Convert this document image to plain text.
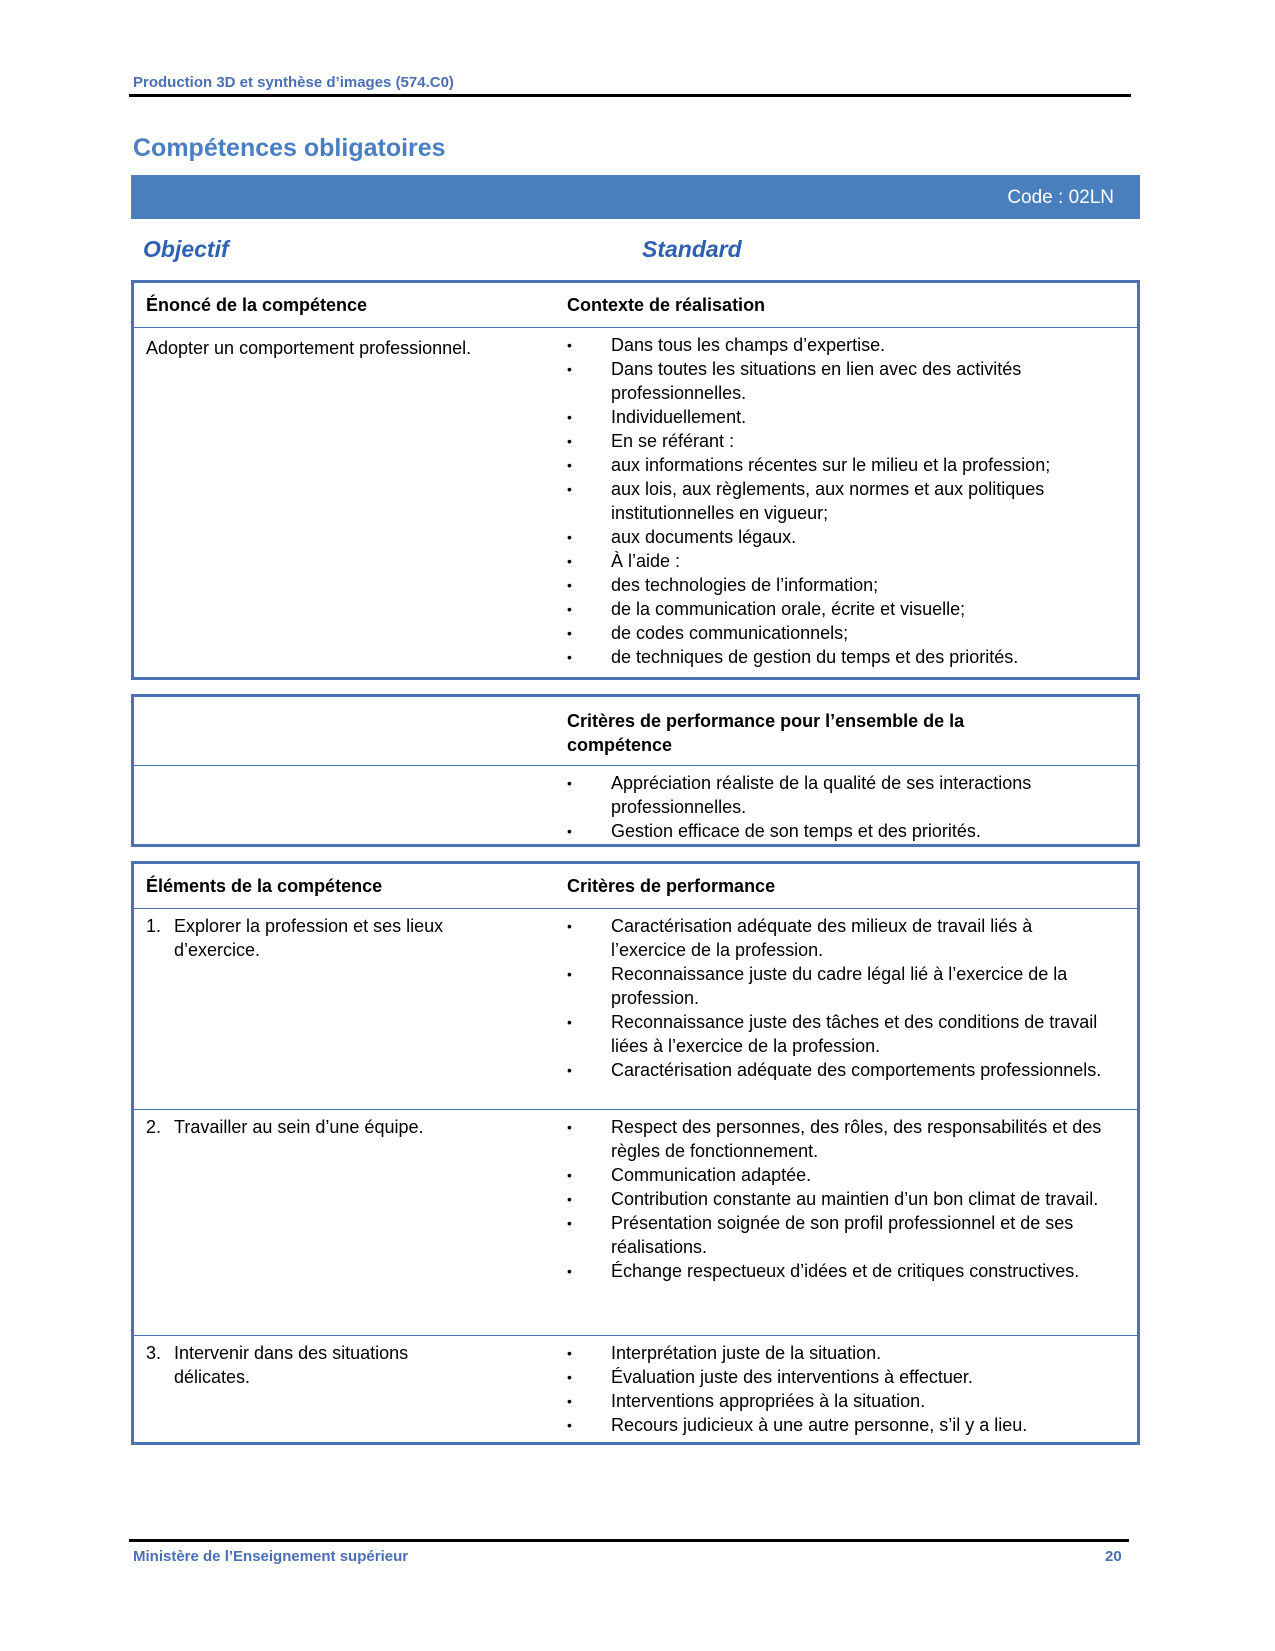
Production 3D et synthèse d’images (574.C0)
Compétences obligatoires
Code : 02LN
Objectif	Standard
Énoncé de la compétence	Contexte de réalisation
Adopter un comportement professionnel.	• Dans tous les champs d’expertise.
• Dans toutes les situations en lien avec des activités professionnelles.
• Individuellement.
• En se référant :
• aux informations récentes sur le milieu et la profession;
• aux lois, aux règlements, aux normes et aux politiques institutionnelles en vigueur;
• aux documents légaux.
• À l’aide :
• des technologies de l’information;
• de la communication orale, écrite et visuelle;
• de codes communicationnels;
• de techniques de gestion du temps et des priorités.
Critères de performance pour l’ensemble de la compétence
• Appréciation réaliste de la qualité de ses interactions professionnelles.
• Gestion efficace de son temps et des priorités.
Éléments de la compétence	Critères de performance
1. Explorer la profession et ses lieux d’exercice.
• Caractérisation adéquate des milieux de travail liés à l’exercice de la profession.
• Reconnaissance juste du cadre légal lié à l’exercice de la profession.
• Reconnaissance juste des tâches et des conditions de travail liées à l’exercice de la profession.
• Caractérisation adéquate des comportements professionnels.
2. Travailler au sein d’une équipe.	• Respect des personnes, des rôles, des responsabilités et des règles de fonctionnement.
• Communication adaptée.
• Contribution constante au maintien d’un bon climat de travail.
• Présentation soignée de son profil professionnel et de ses réalisations.
• Échange respectueux d’idées et de critiques constructives.
3. Intervenir dans des situations délicates.
• Interprétation juste de la situation.
• Évaluation juste des interventions à effectuer.
• Interventions appropriées à la situation.
• Recours judicieux à une autre personne, s’il y a lieu.
Ministère de l’Enseignement supérieur	20
